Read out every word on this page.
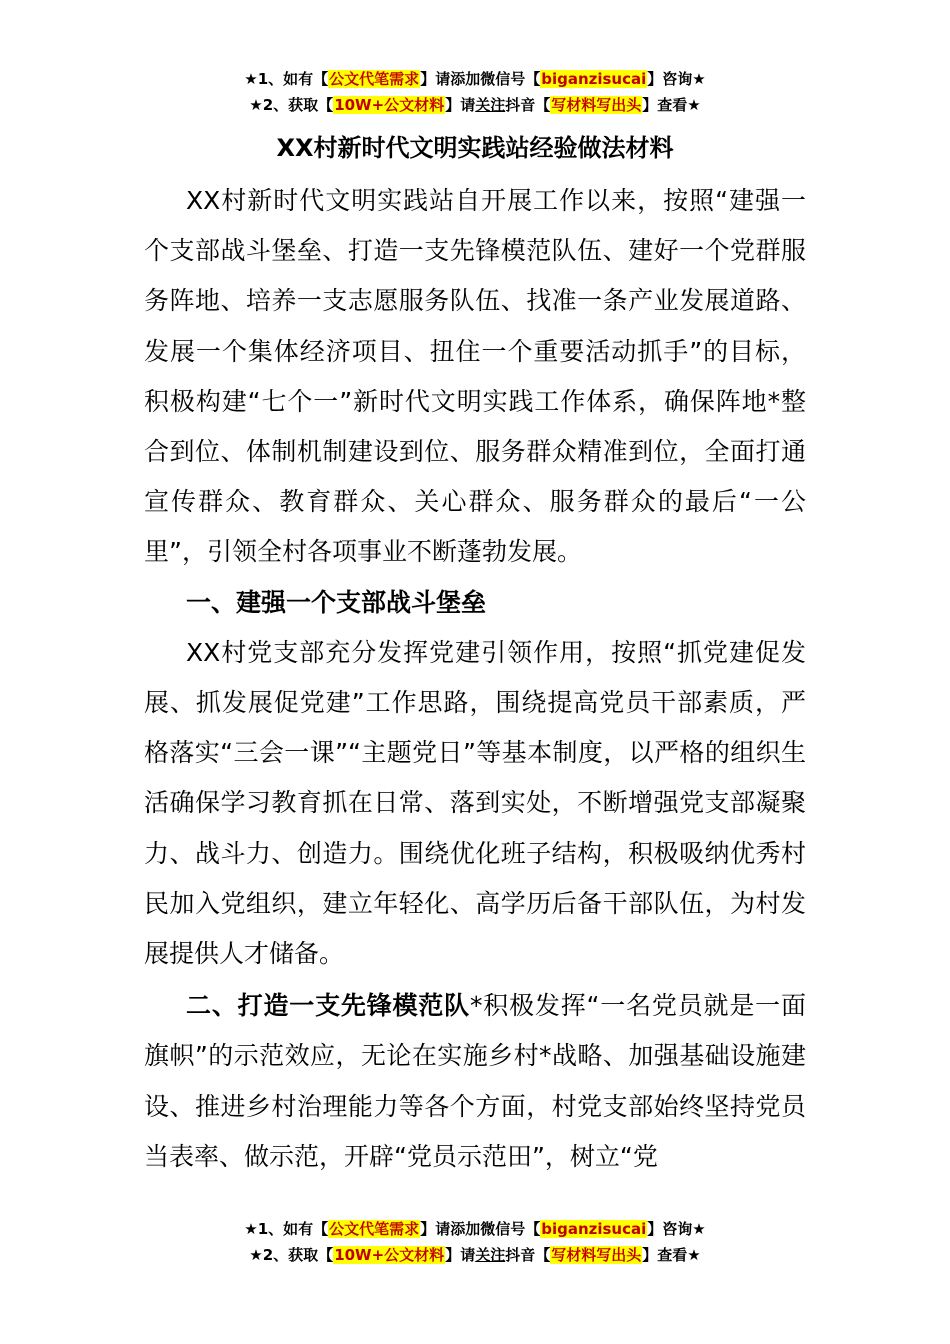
★1、如有【公文代笔需求】请添加微信号【biganzisucai】咨询★
★2、获取【10W+公文材料】请关注抖音【写材料写出头】查看★
XX村新时代文明实践站经验做法材料

XX村新时代文明实践站自开展工作以来，按照“建强一个支部战斗堡垒、打造一支先锋模范队伍、建好一个党群服务阵地、培养一支志愿服务队伍、找准一条产业发展道路、发展一个集体经济项目、扭住一个重要活动抓手”的目标，积极构建“七个一”新时代文明实践工作体系，确保阵地*整合到位、体制机制建设到位、服务群众精准到位，全面打通宣传群众、教育群众、关心群众、服务群众的最后“一公里”，引领全村各项事业不断蓬勃发展。

一、建强一个支部战斗堡垒

XX村党支部充分发挥党建引领作用，按照“抓党建促发展、抓发展促党建”工作思路，围绕提高党员干部素质，严格落实“三会一课”“主题党日”等基本制度，以严格的组织生活确保学习教育抓在日常、落到实处，不断增强党支部凝聚力、战斗力、创造力。围绕优化班子结构，积极吸纳优秀村民加入党组织，建立年轻化、高学历后备干部队伍，为村发展提供人才储备。

二、打造一支先锋模范队*积极发挥“一名党员就是一面旗帜”的示范效应，无论在实施乡村*战略、加强基础设施建设、推进乡村治理能力等各个方面，村党支部始终坚持党员当表率、做示范，开辟“党员示范田”，树立“党

★1、如有【公文代笔需求】请添加微信号【biganzisucai】咨询★
★2、获取【10W+公文材料】请关注抖音【写材料写出头】查看★
